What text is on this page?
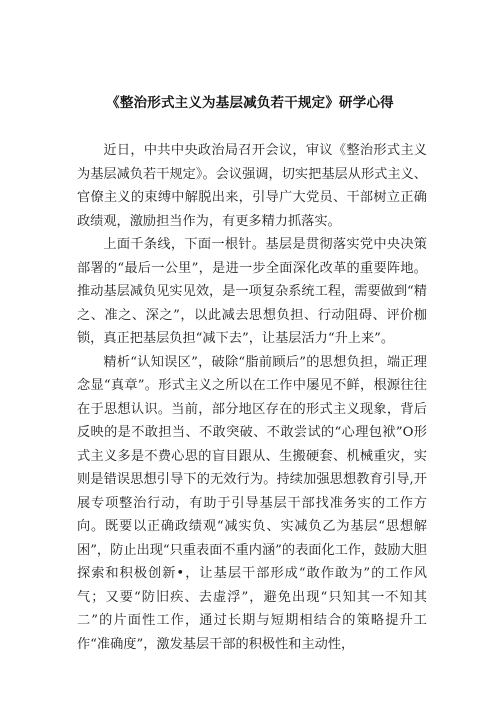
《整治形式主义为基层减负若干规定》研学心得

近日，中共中央政治局召开会议，审议《整治形式主义为基层减负若干规定》。会议强调，切实把基层从形式主义、官僚主义的束缚中解脱出来，引导广大党员、干部树立正确政绩观，激励担当作为，有更多精力抓落实。

上面千条线，下面一根针。基层是贯彻落实党中央决策部署的“最后一公里”，是进一步全面深化改革的重要阵地。推动基层减负见实见效，是一项复杂系统工程，需要做到“精之、准之、深之”，以此减去思想负担、行动阻碍、评价枷锁，真正把基层负担“减下去”，让基层活力“升上来”。

精析“认知误区”，破除“脂前顾后”的思想负担，端正理念显“真章”。形式主义之所以在工作中屡见不鲜，根源往往在于思想认识。当前，部分地区存在的形式主义现象，背后反映的是不敢担当、不敢突破、不敢尝试的“心理包袱”O形式主义多是不费心思的盲目跟从、生搬硬套、机械重灾，实则是错误思想引导下的无效行为。持续加强思想教育引导,开展专项整治行动，有助于引导基层干部找准务实的工作方向。既要以正确政绩观“减实负、实减负乙为基层“思想解困”，防止出现“只重表面不重内涵”的表面化工作，鼓励大胆探索和积极创新•，让基层干部形成“敢作敢为”的工作风气；又要“防旧疾、去虚浮”，避免出现“只知其一不知其二”的片面性工作，通过长期与短期相结合的策略提升工作“准确度”，激发基层干部的积极性和主动性，
